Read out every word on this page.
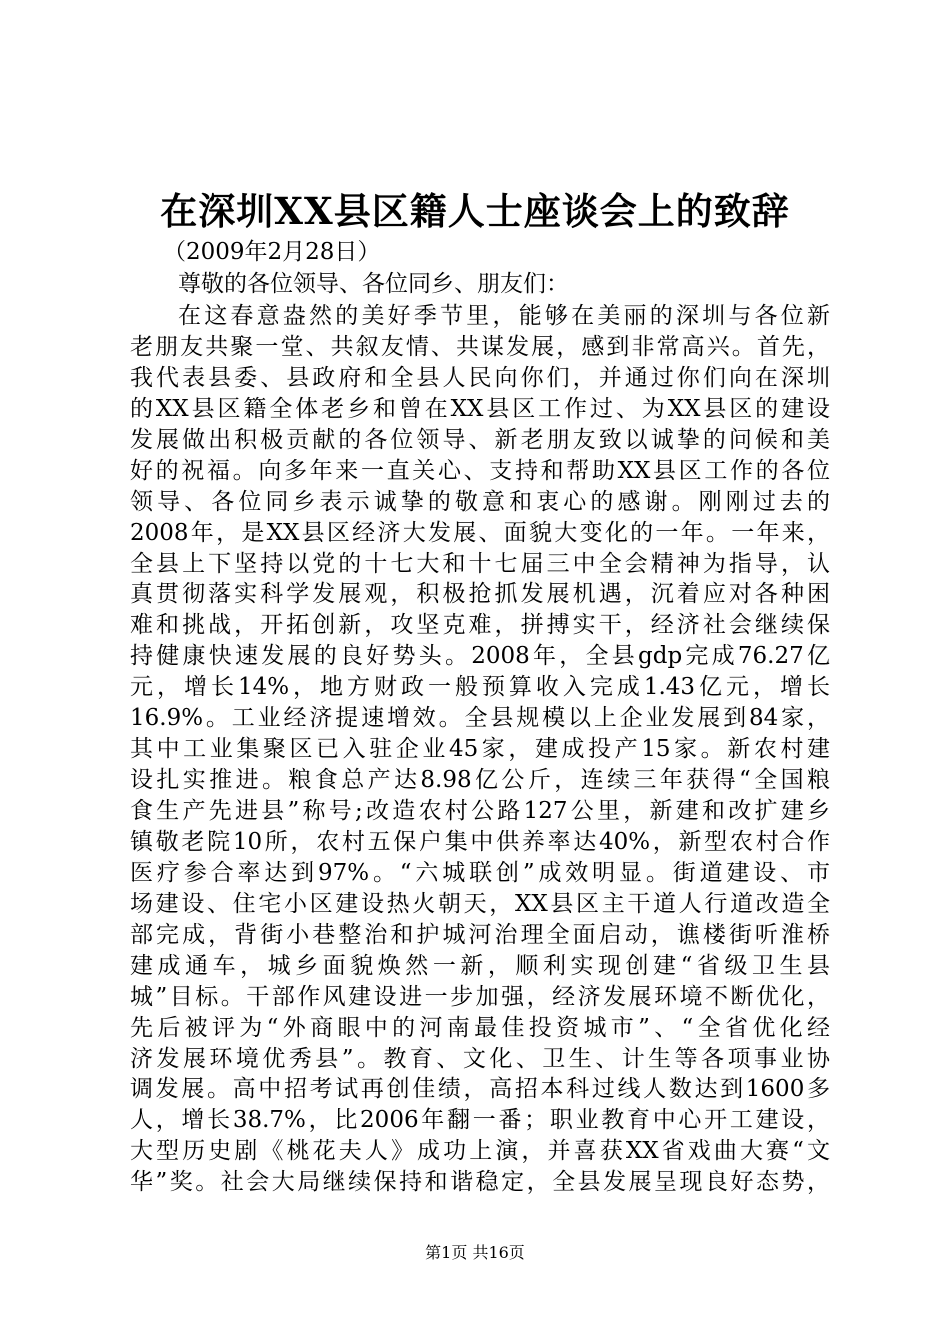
在深圳XX县区籍人士座谈会上的致辞
（2009年2月28日）
尊敬的各位领导、各位同乡、朋友们：
在这春意盎然的美好季节里，能够在美丽的深圳与各位新
老朋友共聚一堂、共叙友情、共谋发展，感到非常高兴。首先，
我代表县委、县政府和全县人民向你们，并通过你们向在深圳
的XX县区籍全体老乡和曾在XX县区工作过、为XX县区的建设
发展做出积极贡献的各位领导、新老朋友致以诚挚的问候和美
好的祝福。向多年来一直关心、支持和帮助XX县区工作的各位
领导、各位同乡表示诚挚的敬意和衷心的感谢。刚刚过去的
2008年，是XX县区经济大发展、面貌大变化的一年。一年来，
全县上下坚持以党的十七大和十七届三中全会精神为指导，认
真贯彻落实科学发展观，积极抢抓发展机遇，沉着应对各种困
难和挑战，开拓创新，攻坚克难，拼搏实干，经济社会继续保
持健康快速发展的良好势头。2008年，全县gdp完成76.27亿
元，增长14%，地方财政一般预算收入完成1.43亿元，增长
16.9%。工业经济提速增效。全县规模以上企业发展到84家，
其中工业集聚区已入驻企业45家，建成投产15家。新农村建
设扎实推进。粮食总产达8.98亿公斤，连续三年获得“全国粮
食生产先进县”称号;改造农村公路127公里，新建和改扩建乡
镇敬老院10所，农村五保户集中供养率达40%，新型农村合作
医疗参合率达到97%。“六城联创”成效明显。街道建设、市
场建设、住宅小区建设热火朝天，XX县区主干道人行道改造全
部完成，背街小巷整治和护城河治理全面启动，谯楼街听淮桥
建成通车，城乡面貌焕然一新，顺利实现创建“省级卫生县
城”目标。干部作风建设进一步加强，经济发展环境不断优化，
先后被评为“外商眼中的河南最佳投资城市”、“全省优化经
济发展环境优秀县”。教育、文化、卫生、计生等各项事业协
调发展。高中招考试再创佳绩，高招本科过线人数达到1600多
人，增长38.7%，比2006年翻一番；职业教育中心开工建设，
大型历史剧《桃花夫人》成功上演，并喜获XX省戏曲大赛“文
华”奖。社会大局继续保持和谐稳定，全县发展呈现良好态势，
第1页 共16页
